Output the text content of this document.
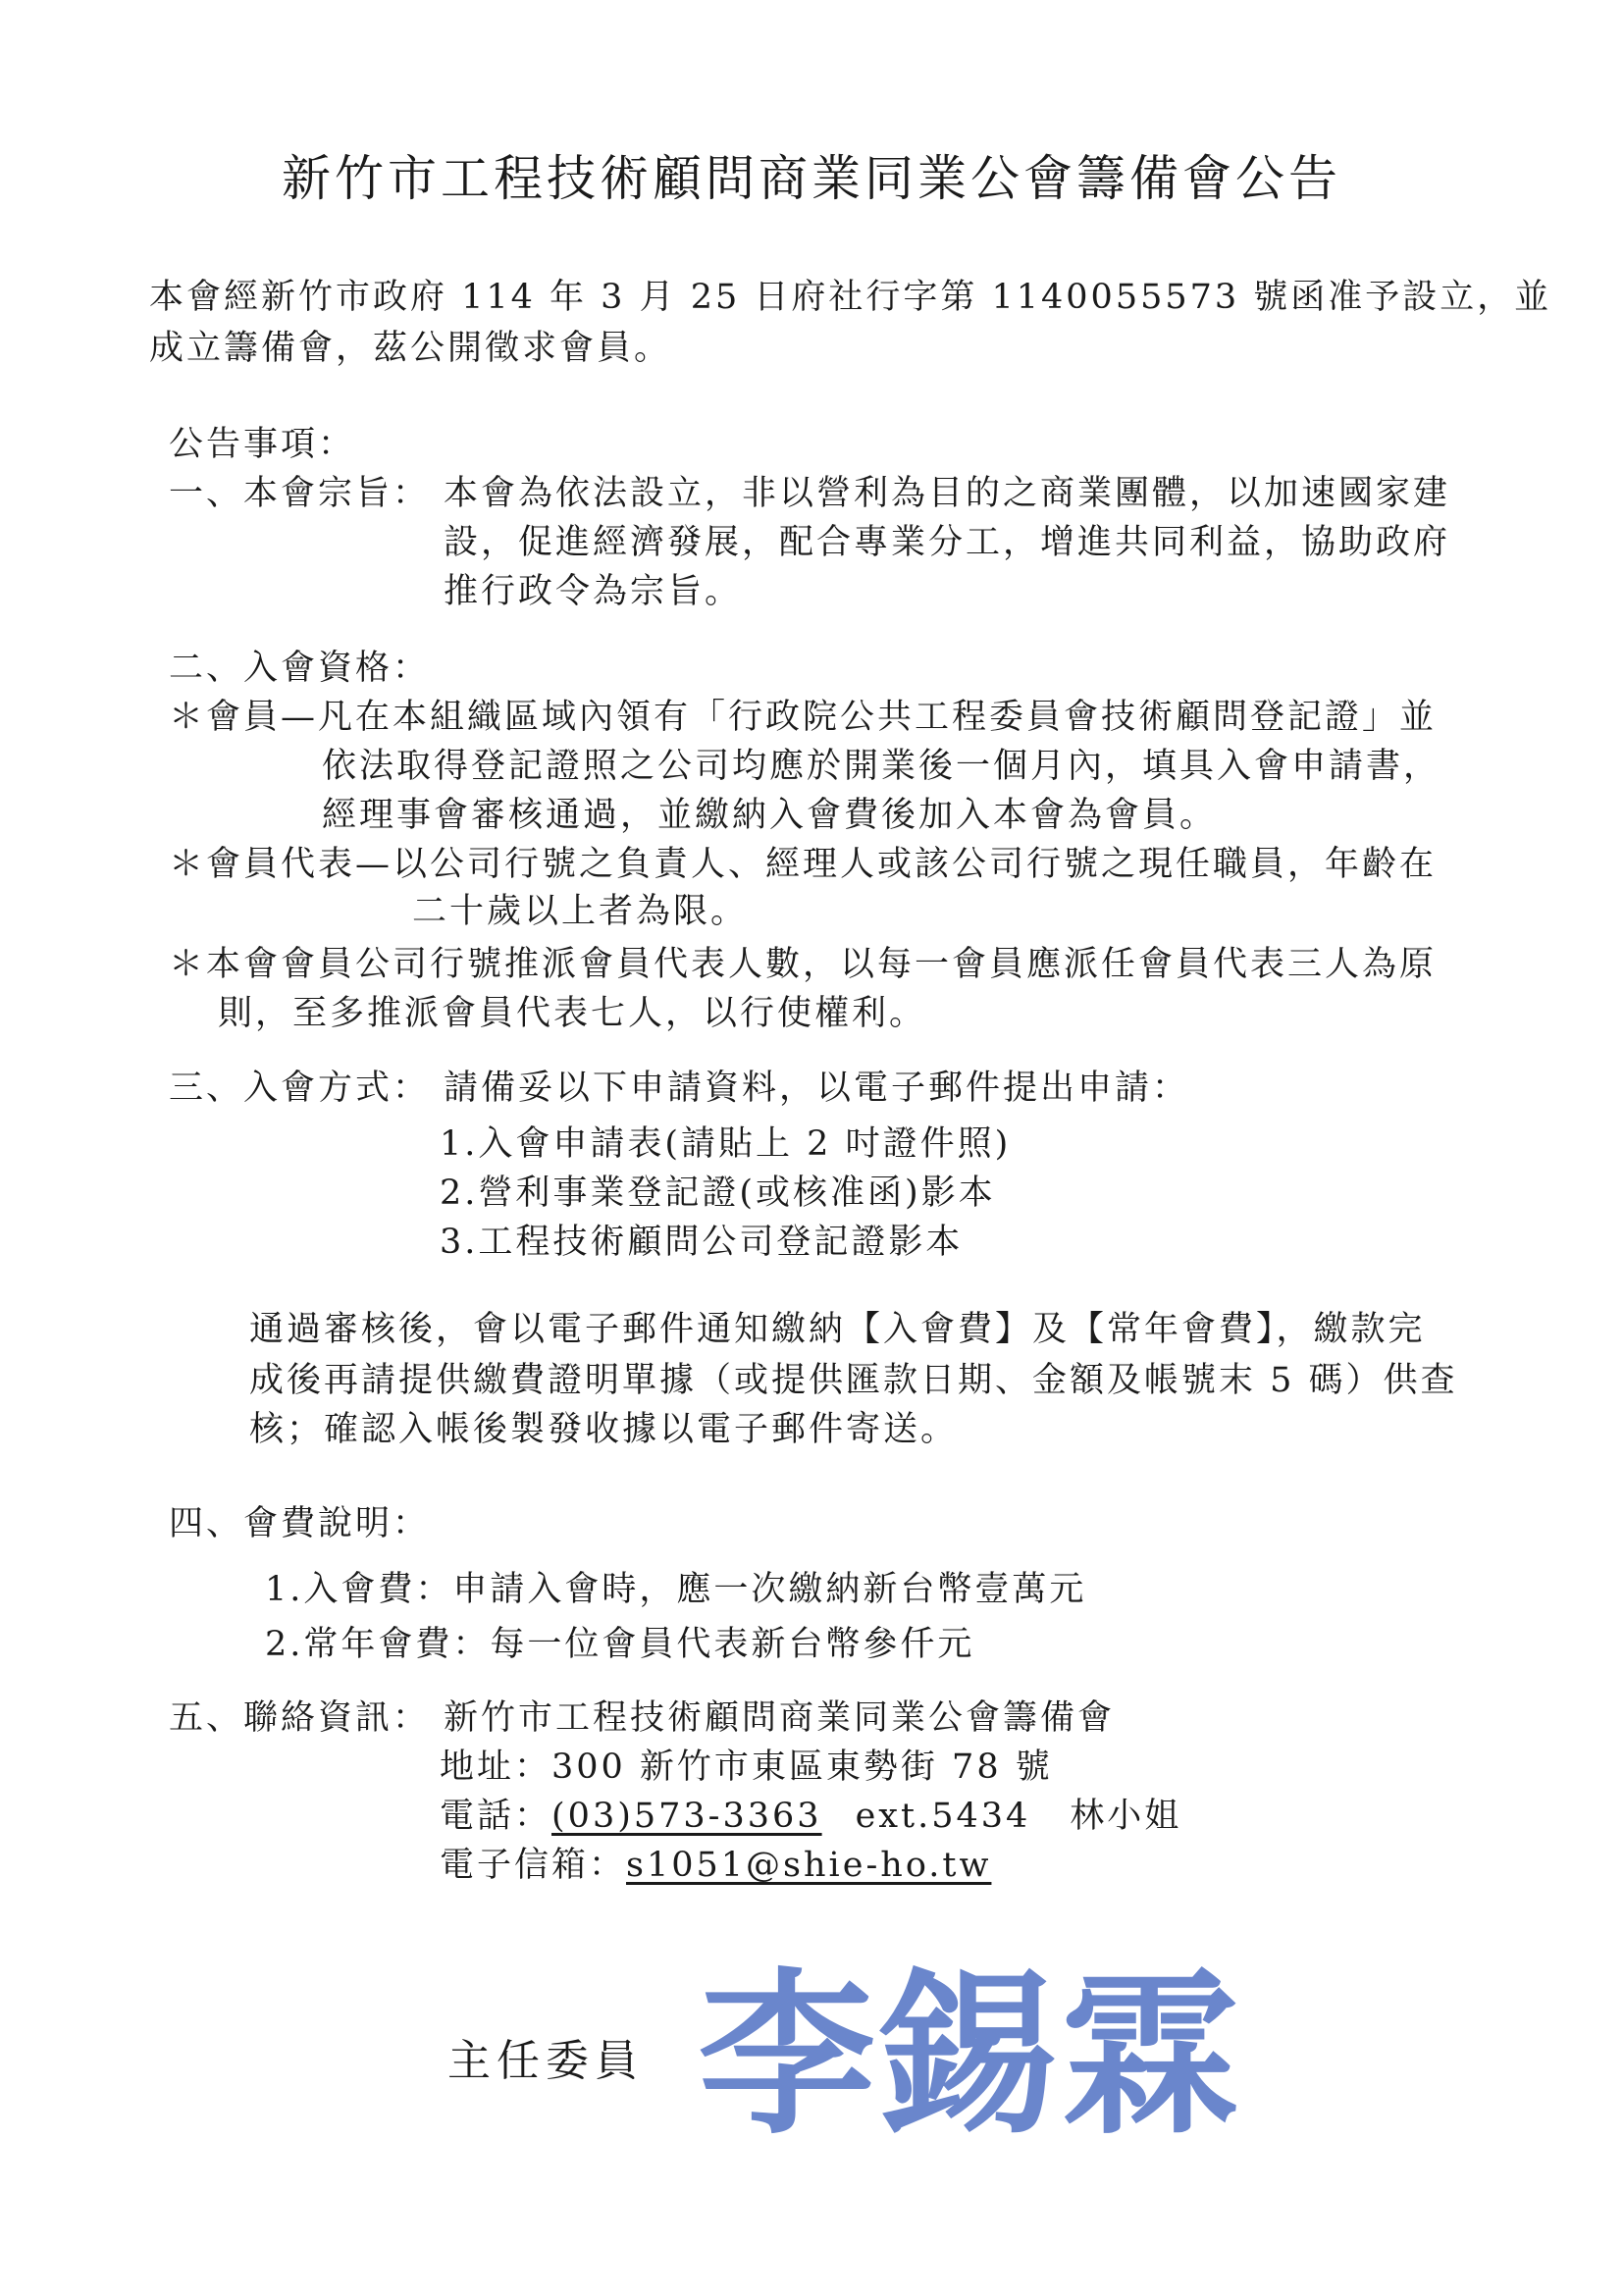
新竹市工程技術顧問商業同業公會籌備會公告
本會經新竹市政府 114 年 3 月 25 日府社行字第 1140055573 號函准予設立，並
成立籌備會，茲公開徵求會員。
公告事項：
一、本會宗旨： 本會為依法設立，非以營利為目的之商業團體，以加速國家建
設，促進經濟發展，配合專業分工，增進共同利益，協助政府
推行政令為宗旨。
二、入會資格：
＊會員—凡在本組織區域內領有「行政院公共工程委員會技術顧問登記證」並
依法取得登記證照之公司均應於開業後一個月內，填具入會申請書，
經理事會審核通過，並繳納入會費後加入本會為會員。
＊會員代表—以公司行號之負責人、經理人或該公司行號之現任職員，年齡在
二十歲以上者為限。
＊本會會員公司行號推派會員代表人數，以每一會員應派任會員代表三人為原
則，至多推派會員代表七人，以行使權利。
三、入會方式： 請備妥以下申請資料，以電子郵件提出申請：
1.入會申請表(請貼上 2 吋證件照)
2.營利事業登記證(或核准函)影本
3.工程技術顧問公司登記證影本
通過審核後，會以電子郵件通知繳納【入會費】及【常年會費】，繳款完
成後再請提供繳費證明單據（或提供匯款日期、金額及帳號末 5 碼）供查
核；確認入帳後製發收據以電子郵件寄送。
四、會費說明：
1.入會費：申請入會時，應一次繳納新台幣壹萬元
2.常年會費：每一位會員代表新台幣參仟元
五、聯絡資訊： 新竹市工程技術顧問商業同業公會籌備會
地址：300 新竹市東區東勢街 78 號
電話：(03)573-3363 ext.5434 林小姐
電子信箱：s1051@shie-ho.tw
主任委員 李 錫 霖
